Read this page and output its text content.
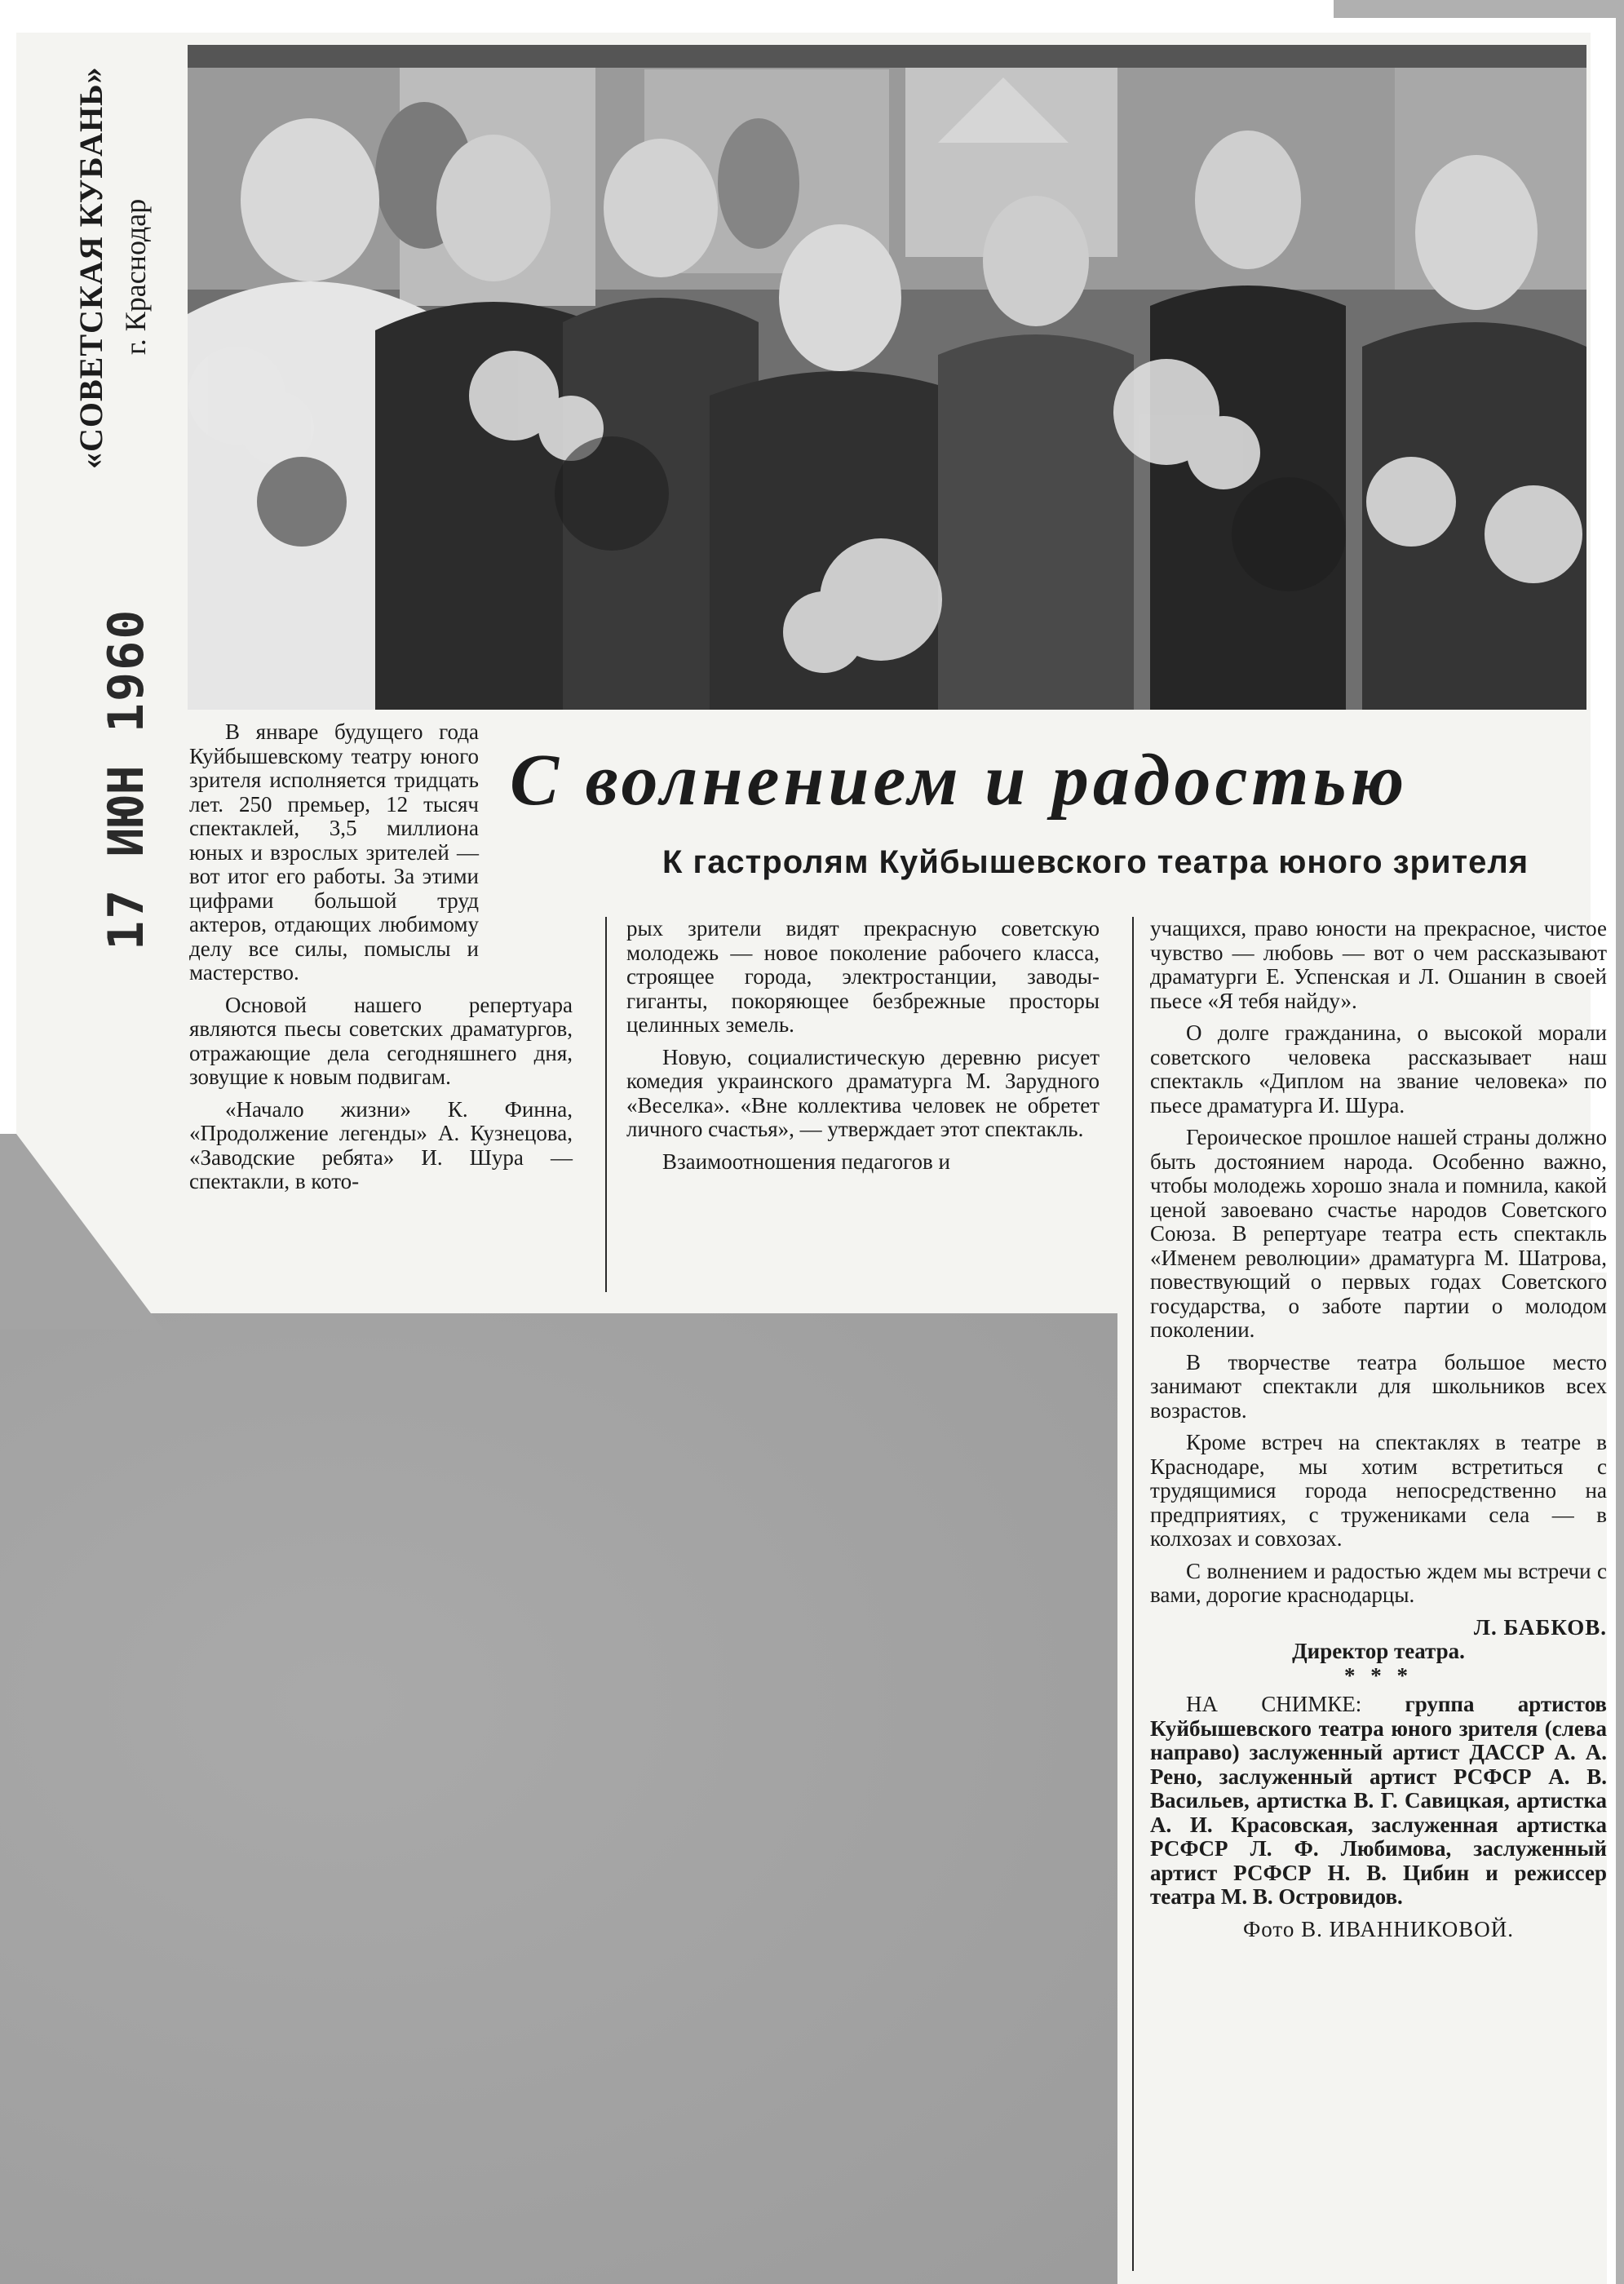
«СОВЕТСКАЯ КУБАНЬ» г. Краснодар
17 ИЮН 1960	С волнением и радостью
К гастролям Куйбышевского театра юного зрителя

В январе будущего года Куйбышевскому театру юного зрителя исполняется тридцать лет. 250 премьер, 12 тысяч спектаклей, 3,5 миллиона юных и взрослых зрителей — вот итог его работы. За этими цифрами большой труд актеров, отдающих любимому делу все силы, помыслы и мастерство.

Основой нашего репертуара являются пьесы советских драматургов, отражающие дела сегодняшнего дня, зовущие к новым подвигам.

«Начало жизни» К. Финна, «Продолжение легенды» А. Кузнецова, «Заводские ребята» И. Шура — спектакли, в кото-

рых зрители видят прекрасную советскую молодежь — новое поколение рабочего класса, строящее города, электростанции, заводы-гиганты, покоряющее безбрежные просторы целинных земель.

Новую, социалистическую деревню рисует комедия украинского драматурга М. Зарудного «Веселка». «Вне коллектива человек не обретет личного счастья», — утверждает этот спектакль.

Взаимоотношения педагогов и

учащихся, право юности на прекрасное, чистое чувство — любовь — вот о чем рассказывают драматурги Е. Успенская и Л. Ошанин в своей пьесе «Я тебя найду».

О долге гражданина, о высокой морали советского человека рассказывает наш спектакль «Диплом на звание человека» по пьесе драматурга И. Шура.

Героическое прошлое нашей страны должно быть достоянием народа. Особенно важно, чтобы молодежь хорошо знала и помнила, какой ценой завоевано счастье народов Советского Союза. В репертуаре театра есть спектакль «Именем революции» драматурга М. Шатрова, повествующий о первых годах Советского государства, о заботе партии о молодом поколении.

В творчестве театра большое место занимают спектакли для школьников всех возрастов.

Кроме встреч на спектаклях в театре в Краснодаре, мы хотим встретиться с трудящимися города непосредственно на предприятиях, с тружениками села — в колхозах и совхозах.

С волнением и радостью ждем мы встречи с вами, дорогие краснодарцы.

Л. БАБКОВ.
Директор театра.
* * *

НА СНИМКЕ: группа артистов Куйбышевского театра юного зрителя (слева направо) заслуженный артист ДАССР А. А. Рено, заслуженный артист РСФСР А. В. Васильев, артистка В. Г. Савицкая, артистка А. И. Красовская, заслуженная артистка РСФСР Л. Ф. Любимова, заслуженный артист РСФСР Н. В. Цибин и режиссер театра М. В. Островидов.

Фото В. ИВАННИКОВОЙ.
